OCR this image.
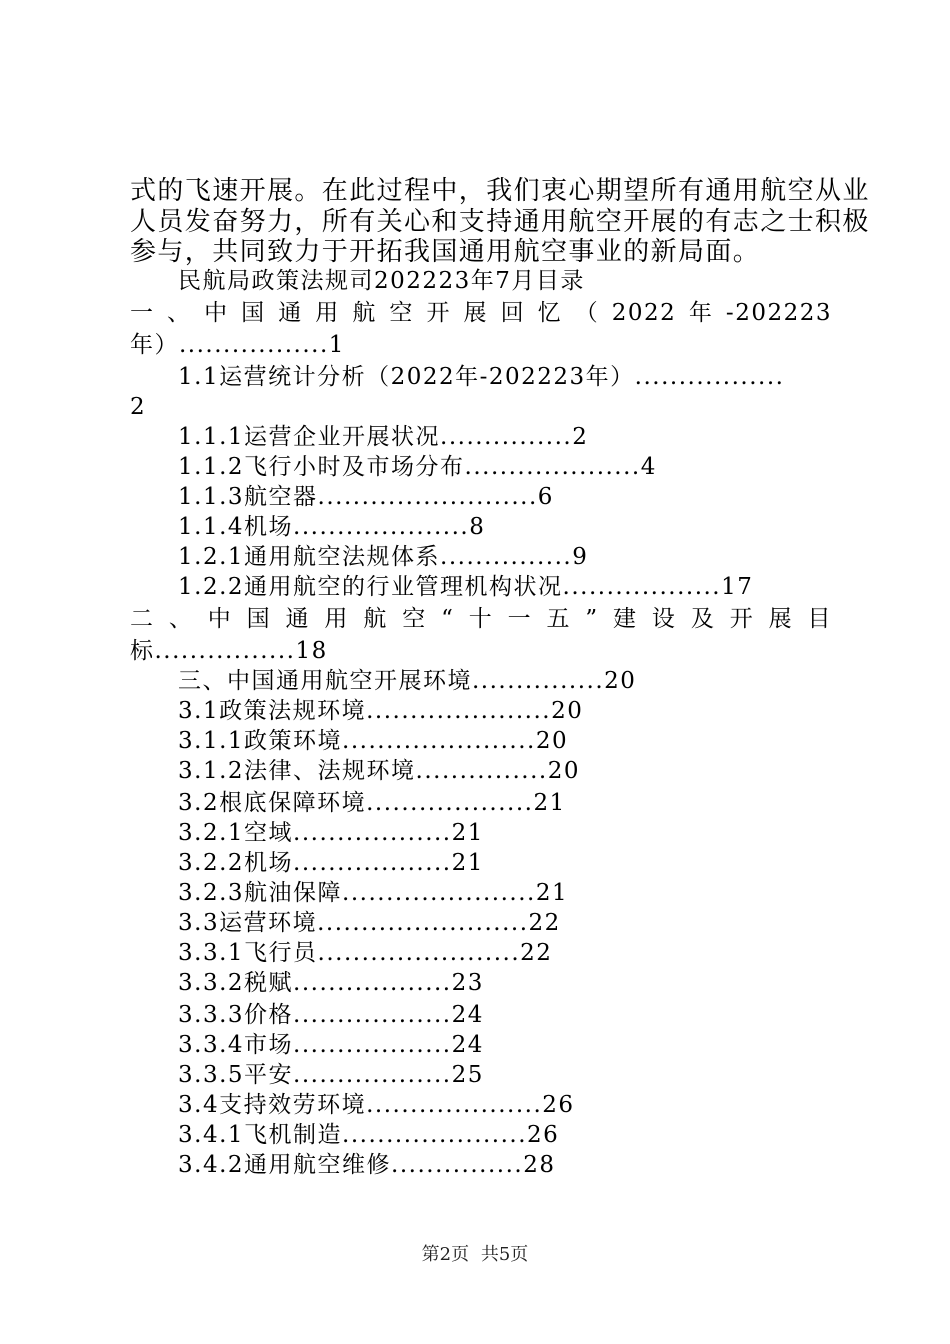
式的飞速开展。在此过程中，我们衷心期望所有通用航空从业
人员发奋努力，所有关心和支持通用航空开展的有志之士积极
参与，共同致力于开拓我国通用航空事业的新局面。
民航局政策法规司202223年7月目录
一、中国通用航空开展回忆（2022年-202223
年）.................1
1.1运营统计分析（2022年-202223年）.................
2
1.1.1运营企业开展状况...............2
1.1.2飞行小时及市场分布....................4
1.1.3航空器.........................6
1.1.4机场....................8
1.2.1通用航空法规体系...............9
1.2.2通用航空的行业管理机构状况..................17
二、中国通用航空“十一五”建设及开展目
标................18
三、中国通用航空开展环境...............20
3.1政策法规环境.....................20
3.1.1政策环境......................20
3.1.2法律、法规环境...............20
3.2根底保障环境...................21
3.2.1空域..................21
3.2.2机场..................21
3.2.3航油保障......................21
3.3运营环境........................22
3.3.1飞行员.......................22
3.3.2税赋..................23
3.3.3价格..................24
3.3.4市场..................24
3.3.5平安..................25
3.4支持效劳环境....................26
3.4.1飞机制造.....................26
3.4.2通用航空维修...............28
第2页 共5页
